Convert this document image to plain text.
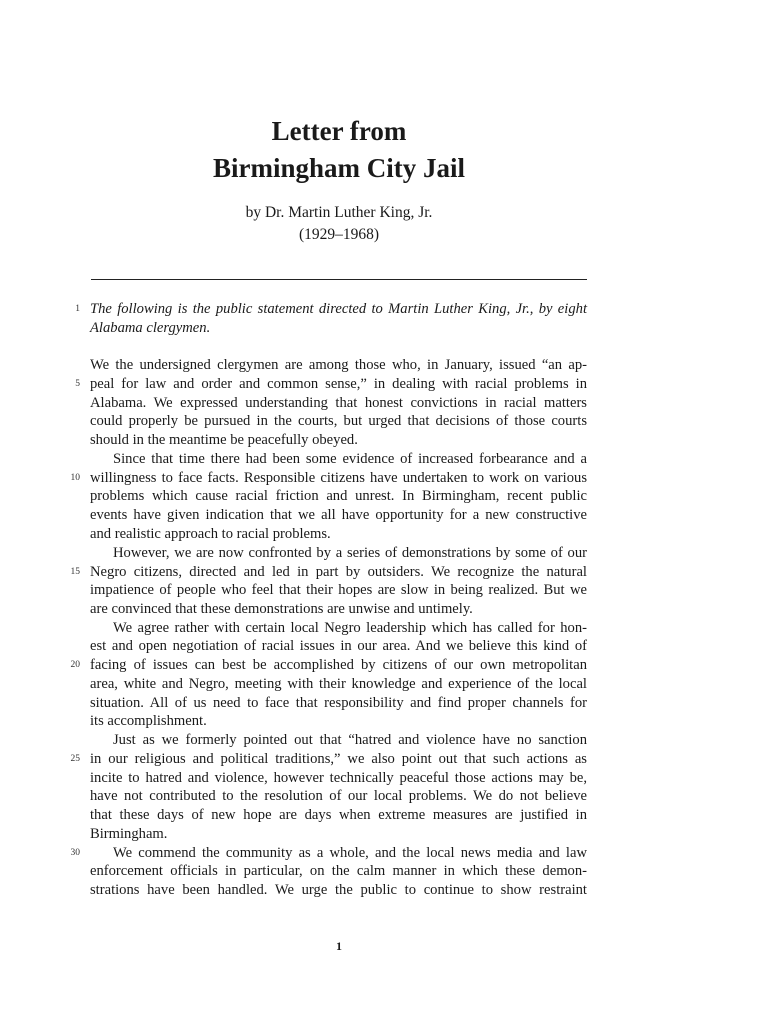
Letter from
Birmingham City Jail
by Dr. Martin Luther King, Jr.
(1929–1968)
1
5
10
15
20
25
30
The following is the public statement directed to Martin Luther King, Jr., by eight
Alabama clergymen.
We the undersigned clergymen are among those who, in January, issued “an ap-
peal for law and order and common sense,” in dealing with racial problems in
Alabama. We expressed understanding that honest convictions in racial matters
could properly be pursued in the courts, but urged that decisions of those courts
should in the meantime be peacefully obeyed.
Since that time there had been some evidence of increased forbearance and a
willingness to face facts. Responsible citizens have undertaken to work on various
problems which cause racial friction and unrest. In Birmingham, recent public
events have given indication that we all have opportunity for a new constructive
and realistic approach to racial problems.
However, we are now confronted by a series of demonstrations by some of our
Negro citizens, directed and led in part by outsiders. We recognize the natural
impatience of people who feel that their hopes are slow in being realized. But we
are convinced that these demonstrations are unwise and untimely.
We agree rather with certain local Negro leadership which has called for hon-
est and open negotiation of racial issues in our area. And we believe this kind of
facing of issues can best be accomplished by citizens of our own metropolitan
area, white and Negro, meeting with their knowledge and experience of the local
situation. All of us need to face that responsibility and find proper channels for
its accomplishment.
Just as we formerly pointed out that “hatred and violence have no sanction
in our religious and political traditions,” we also point out that such actions as
incite to hatred and violence, however technically peaceful those actions may be,
have not contributed to the resolution of our local problems. We do not believe
that these days of new hope are days when extreme measures are justified in
Birmingham.
We commend the community as a whole, and the local news media and law
enforcement officials in particular, on the calm manner in which these demon-
strations have been handled. We urge the public to continue to show restraint
1
